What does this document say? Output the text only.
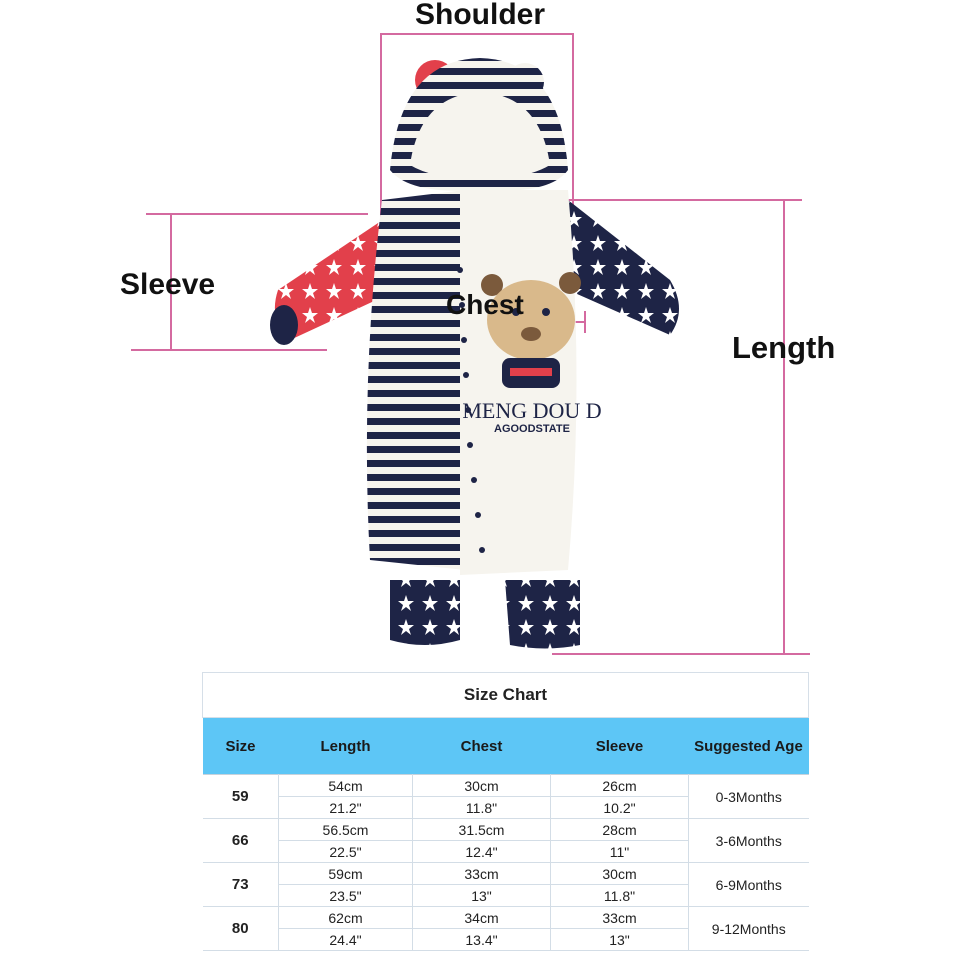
MENG DOU D
AGOODSTATE
Shoulder
Sleeve
Chest
Length
Size Chart				
Size	Length	Chest	Sleeve	Suggested Age
59	54cm	30cm	26cm	0-3Months
	21.2"	11.8"	10.2"	
66	56.5cm	31.5cm	28cm	3-6Months
	22.5"	12.4"	11"	
73	59cm	33cm	30cm	6-9Months
	23.5"	13"	11.8"	
80	62cm	34cm	33cm	9-12Months
	24.4"	13.4"	13"	
